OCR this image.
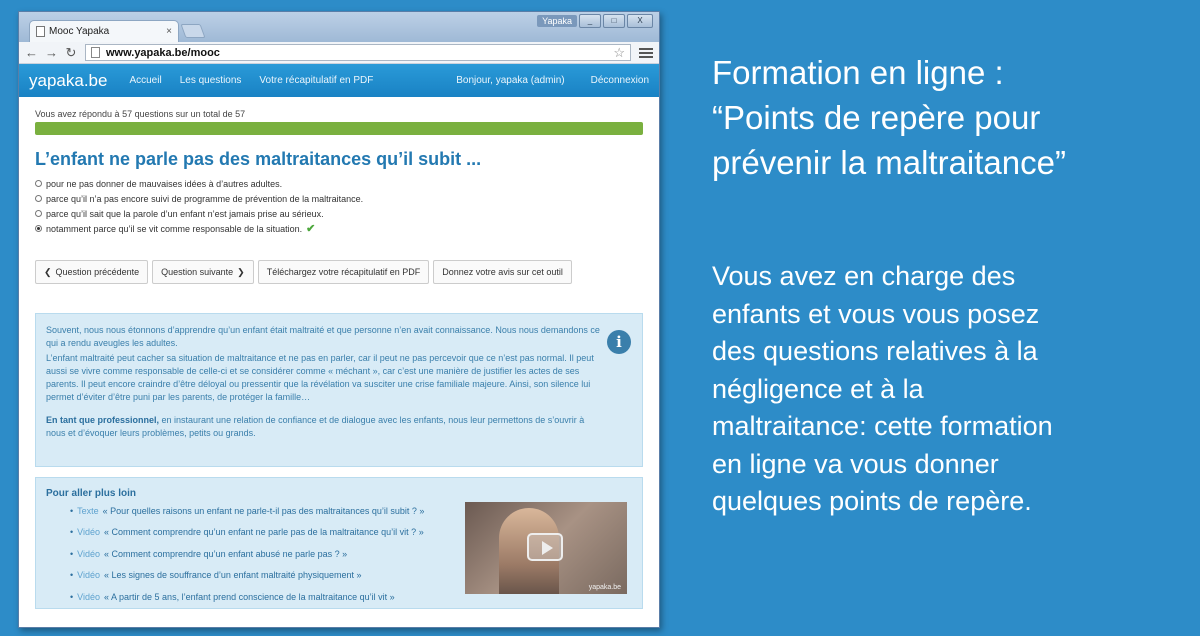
Mooc Yapaka	×
Yapaka	_	□	X
← → ↻	www.yapaka.be/mooc	☆
yapaka.be Accueil Les questions Votre récapitulatif en PDF	Bonjour, yapaka (admin)	Déconnexion
Vous avez répondu à 57 questions sur un total de 57
L’enfant ne parle pas des maltraitances qu’il subit ...
pour ne pas donner de mauvaises idées à d’autres adultes.
parce qu’il n’a pas encore suivi de programme de prévention de la maltraitance.
parce qu’il sait que la parole d’un enfant n’est jamais prise au sérieux.
notamment parce qu’il se vit comme responsable de la situation. ✔
❮ Question précédente Question suivante ❯ Téléchargez votre récapitulatif en PDF Donnez votre avis sur cet outil

Souvent, nous nous étonnons d’apprendre qu’un enfant était maltraité et que personne n’en avait connaissance. Nous nous demandons ce qui a rendu aveugles les adultes.

L’enfant maltraité peut cacher sa situation de maltraitance et ne pas en parler, car il peut ne pas percevoir que ce n’est pas normal. Il peut aussi se vivre comme responsable de celle-ci et se considérer comme « méchant », car c’est une manière de justifier les actes de ses parents. Il peut encore craindre d’être déloyal ou pressentir que la révélation va susciter une crise familiale majeure. Ainsi, son silence lui permet d’éviter d’être puni par les parents, de protéger la famille…

En tant que professionnel, en instaurant une relation de confiance et de dialogue avec les enfants, nous leur permettons de s’ouvrir à nous et d’évoquer leurs problèmes, petits ou grands.

i
Pour aller plus loin
• Texte « Pour quelles raisons un enfant ne parle-t-il pas des maltraitances qu’il subit ? »
• Vidéo « Comment comprendre qu’un enfant ne parle pas de la maltraitance qu’il vit ? »
• Vidéo « Comment comprendre qu’un enfant abusé ne parle pas ? »
• Vidéo « Les signes de souffrance d’un enfant maltraité physiquement »
• Vidéo « A partir de 5 ans, l’enfant prend conscience de la maltraitance qu’il vit »
yapaka.be
Formation en ligne :
“Points de repère pour
prévenir la maltraitance”
Vous avez en charge des
enfants et vous vous posez
des questions relatives à la
négligence et à la
maltraitance: cette formation
en ligne va vous donner
quelques points de repère.
